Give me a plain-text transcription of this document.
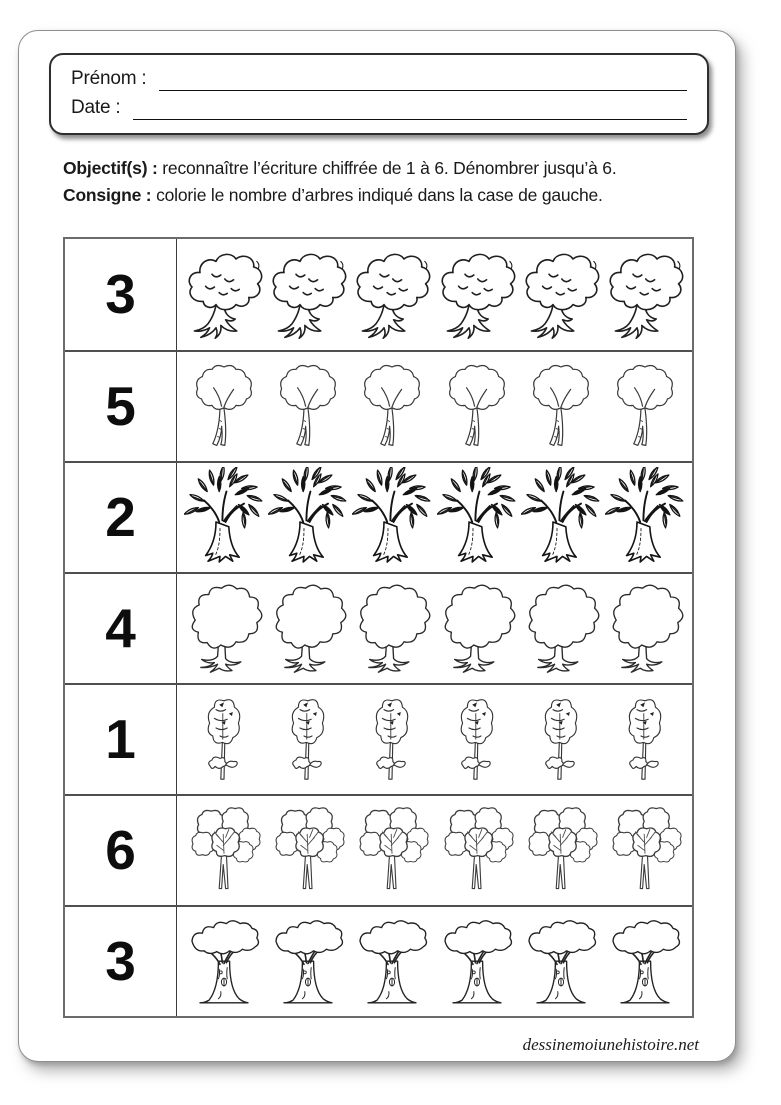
Prénom :
Date :

Objectif(s) : reconnaître l’écriture chiffrée de 1 à 6. Dénombrer jusqu’à 6.

Consigne : colorie le nombre d’arbres indiqué dans la case de gauche.

3
5
2
4
1
6
3
dessinemoiunehistoire.net
